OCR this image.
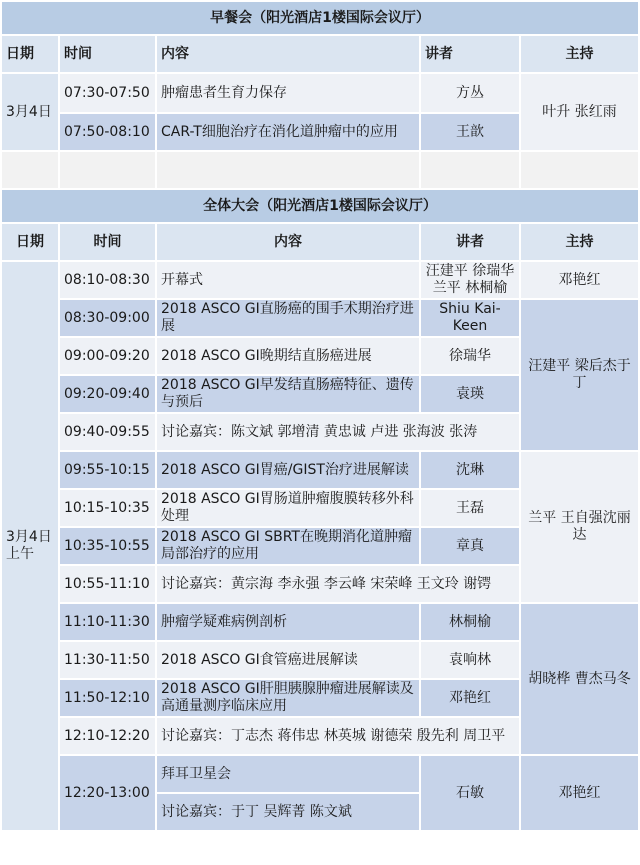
早餐会（阳光酒店1楼国际会议厅）				
日期	时间	内容	讲者	主持
3月4日	07:30-07:50	肿瘤患者生育力保存	方丛	叶升 张红雨
	07:50-08:10	CAR-T细胞治疗在消化道肿瘤中的应用	王歆	

全体大会（阳光酒店1楼国际会议厅）				
日期	时间	内容	讲者	主持
3月4日上午	08:10-08:30	开幕式	汪建平 徐瑞华 兰平 林桐榆	邓艳红
	08:30-09:00	2018 ASCO GI直肠癌的围手术期治疗进展	Shiu Kai-Keen	汪建平 梁后杰于丁
	09:00-09:20	2018 ASCO GI晚期结直肠癌进展	徐瑞华	
	09:20-09:40	2018 ASCO GI早发结直肠癌特征、遗传与预后	袁瑛	
	09:40-09:55	讨论嘉宾：陈文斌 郭增清 黄忠诚 卢进 张海波 张涛		
	09:55-10:15	2018 ASCO GI胃癌/GIST治疗进展解读	沈琳	兰平 王自强沈丽达
	10:15-10:35	2018 ASCO GI胃肠道肿瘤腹膜转移外科处理	王磊	
	10:35-10:55	2018 ASCO GI SBRT在晚期消化道肿瘤局部治疗的应用	章真	
	10:55-11:10	讨论嘉宾：黄宗海 李永强 李云峰 宋荣峰 王文玲 谢锷		
	11:10-11:30	肿瘤学疑难病例剖析	林桐榆	胡晓桦 曹杰马冬
	11:30-11:50	2018 ASCO GI食管癌进展解读	袁响林	
	11:50-12:10	2018 ASCO GI肝胆胰腺肿瘤进展解读及高通量测序临床应用	邓艳红	
	12:10-12:20	讨论嘉宾：丁志杰 蒋伟忠 林英城 谢德荣 殷先利 周卫平		
	12:20-13:00	拜耳卫星会	石敏	邓艳红
		讨论嘉宾：于丁 吴辉菁 陈文斌		
